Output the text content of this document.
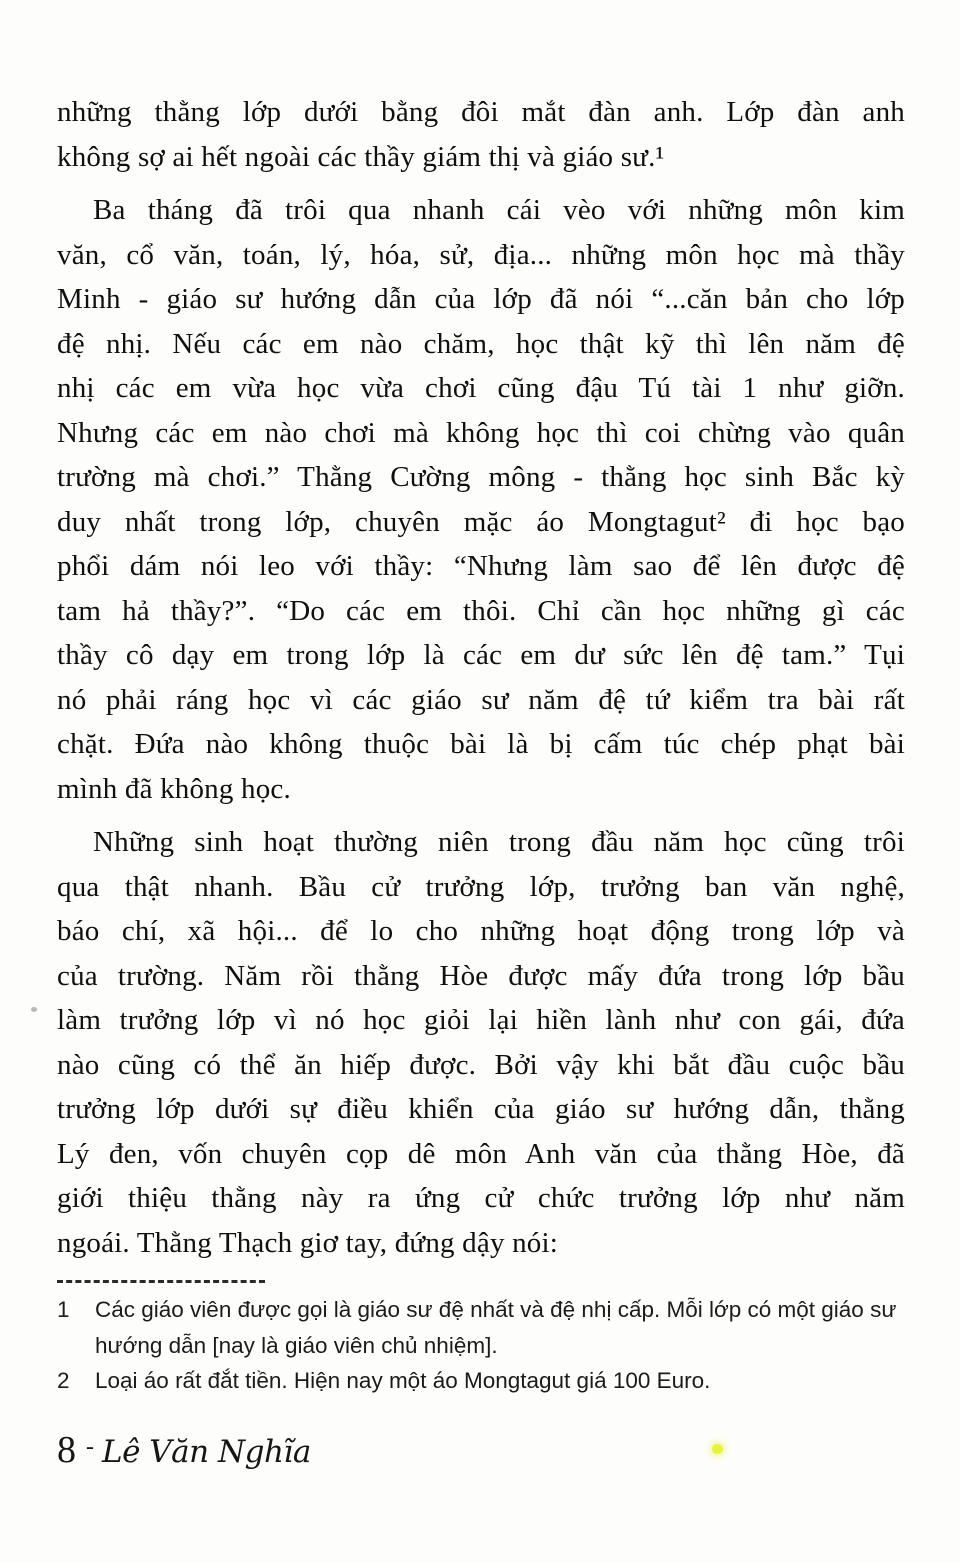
những thằng lớp dưới bằng đôi mắt đàn anh. Lớp đàn anh
không sợ ai hết ngoài các thầy giám thị và giáo sư.¹
Ba tháng đã trôi qua nhanh cái vèo với những môn kim
văn, cổ văn, toán, lý, hóa, sử, địa... những môn học mà thầy
Minh - giáo sư hướng dẫn của lớp đã nói “...căn bản cho lớp
đệ nhị. Nếu các em nào chăm, học thật kỹ thì lên năm đệ
nhị các em vừa học vừa chơi cũng đậu Tú tài 1 như giỡn.
Nhưng các em nào chơi mà không học thì coi chừng vào quân
trường mà chơi.” Thằng Cường mông - thằng học sinh Bắc kỳ
duy nhất trong lớp, chuyên mặc áo Mongtagut² đi học bạo
phổi dám nói leo với thầy: “Nhưng làm sao để lên được đệ
tam hả thầy?”. “Do các em thôi. Chỉ cần học những gì các
thầy cô dạy em trong lớp là các em dư sức lên đệ tam.” Tụi
nó phải ráng học vì các giáo sư năm đệ tứ kiểm tra bài rất
chặt. Đứa nào không thuộc bài là bị cấm túc chép phạt bài
mình đã không học.
Những sinh hoạt thường niên trong đầu năm học cũng trôi
qua thật nhanh. Bầu cử trưởng lớp, trưởng ban văn nghệ,
báo chí, xã hội... để lo cho những hoạt động trong lớp và
của trường. Năm rồi thằng Hòe được mấy đứa trong lớp bầu
làm trưởng lớp vì nó học giỏi lại hiền lành như con gái, đứa
nào cũng có thể ăn hiếp được. Bởi vậy khi bắt đầu cuộc bầu
trưởng lớp dưới sự điều khiển của giáo sư hướng dẫn, thằng
Lý đen, vốn chuyên cọp dê môn Anh văn của thằng Hòe, đã
giới thiệu thằng này ra ứng cử chức trưởng lớp như năm
ngoái. Thằng Thạch giơ tay, đứng dậy nói:
1	Các giáo viên được gọi là giáo sư đệ nhất và đệ nhị cấp. Mỗi lớp có một giáo sư
hướng dẫn [nay là giáo viên chủ nhiệm].
2	Loại áo rất đắt tiền. Hiện nay một áo Mongtagut giá 100 Euro.
8 - Lê Văn Nghĩa
